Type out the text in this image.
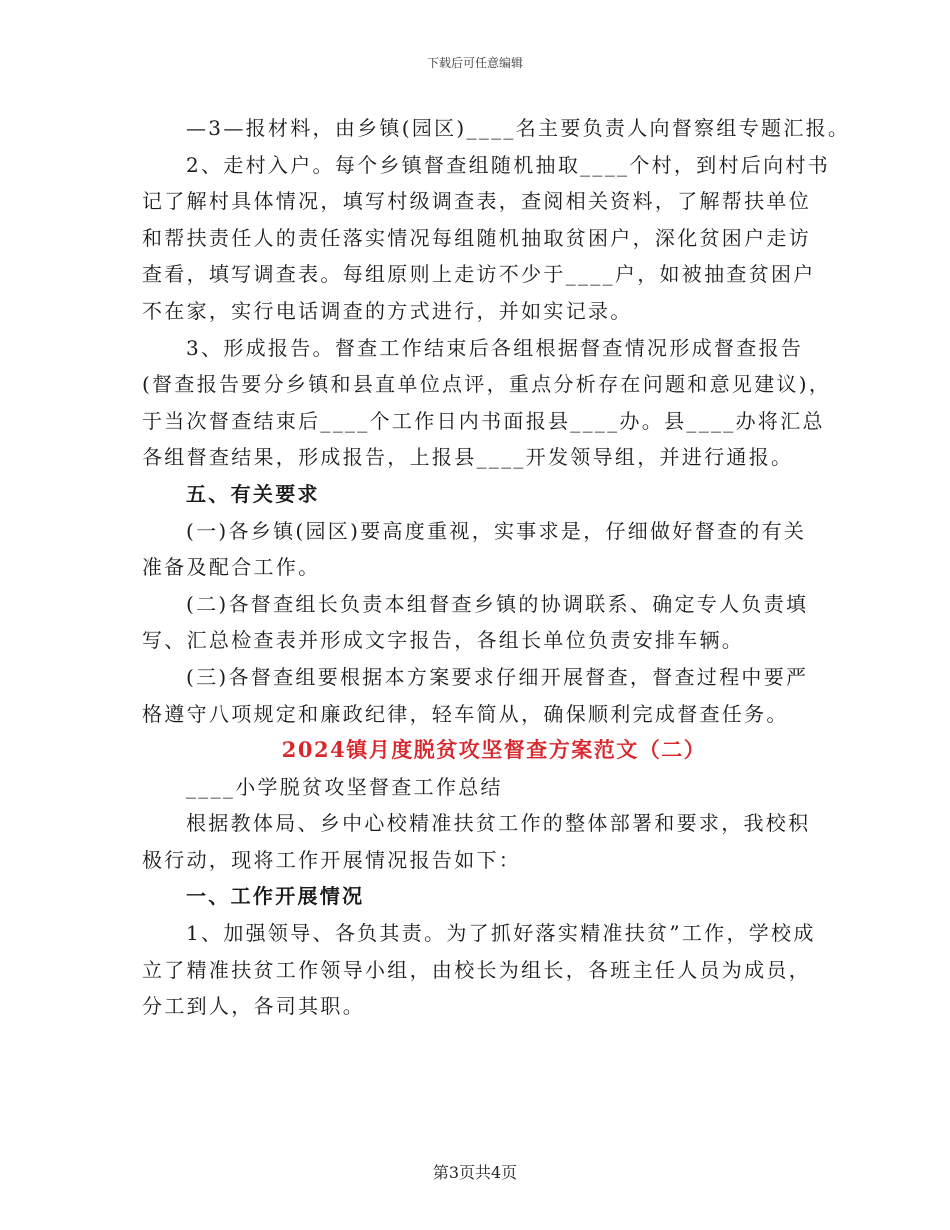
下载后可任意编辑
—3—报材料，由乡镇(园区)____名主要负责人向督察组专题汇报。
2、走村入户。每个乡镇督查组随机抽取____个村，到村后向村书
记了解村具体情况，填写村级调查表，查阅相关资料，了解帮扶单位
和帮扶责任人的责任落实情况每组随机抽取贫困户，深化贫困户走访
查看，填写调查表。每组原则上走访不少于____户，如被抽查贫困户
不在家，实行电话调查的方式进行，并如实记录。
3、形成报告。督查工作结束后各组根据督查情况形成督查报告
(督查报告要分乡镇和县直单位点评，重点分析存在问题和意见建议)，
于当次督查结束后____个工作日内书面报县____办。县____办将汇总
各组督查结果，形成报告，上报县____开发领导组，并进行通报。
五、有关要求
(一)各乡镇(园区)要高度重视，实事求是，仔细做好督查的有关
准备及配合工作。
(二)各督查组长负责本组督查乡镇的协调联系、确定专人负责填
写、汇总检查表并形成文字报告，各组长单位负责安排车辆。
(三)各督查组要根据本方案要求仔细开展督查，督查过程中要严
格遵守八项规定和廉政纪律，轻车简从，确保顺利完成督查任务。
2024镇月度脱贫攻坚督查方案范文（二）
____小学脱贫攻坚督查工作总结
根据教体局、乡中心校精准扶贫工作的整体部署和要求，我校积
极行动，现将工作开展情况报告如下：
一、工作开展情况
1、加强领导、各负其责。为了抓好落实精准扶贫”工作，学校成
立了精准扶贫工作领导小组，由校长为组长，各班主任人员为成员，
分工到人，各司其职。
第3页共4页
